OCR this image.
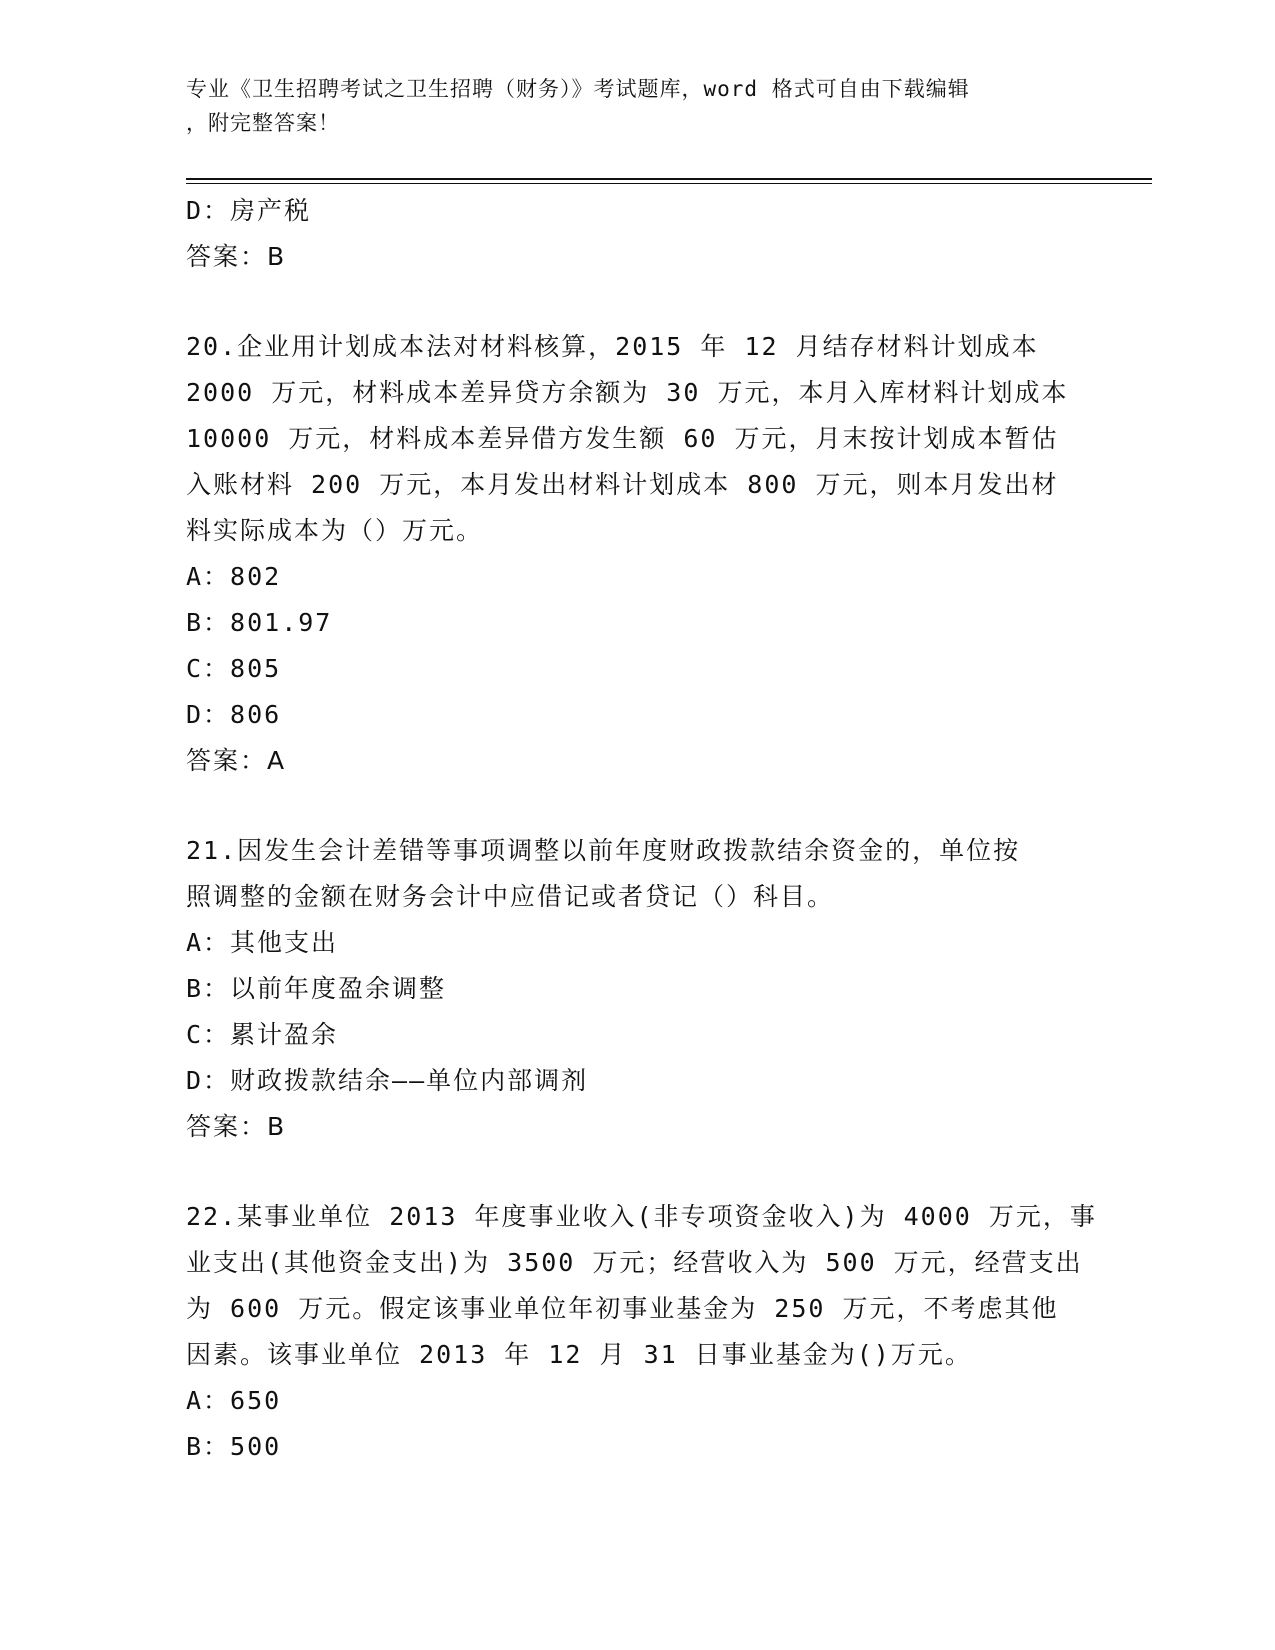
专业《卫生招聘考试之卫生招聘（财务）》考试题库，word 格式可自由下载编辑
，附完整答案！
D：房产税
答案：B
20.企业用计划成本法对材料核算，2015 年 12 月结存材料计划成本
2000 万元，材料成本差异贷方余额为 30 万元，本月入库材料计划成本
10000 万元，材料成本差异借方发生额 60 万元，月末按计划成本暂估
入账材料 200 万元，本月发出材料计划成本 800 万元，则本月发出材
料实际成本为（）万元。
A：802
B：801.97
C：805
D：806
答案：A
21.因发生会计差错等事项调整以前年度财政拨款结余资金的，单位按
照调整的金额在财务会计中应借记或者贷记（）科目。
A：其他支出
B：以前年度盈余调整
C：累计盈余
D：财政拨款结余——单位内部调剂
答案：B
22.某事业单位 2013 年度事业收入(非专项资金收入)为 4000 万元，事
业支出(其他资金支出)为 3500 万元；经营收入为 500 万元，经营支出
为 600 万元。假定该事业单位年初事业基金为 250 万元，不考虑其他
因素。该事业单位 2013 年 12 月 31 日事业基金为()万元。
A：650
B：500
